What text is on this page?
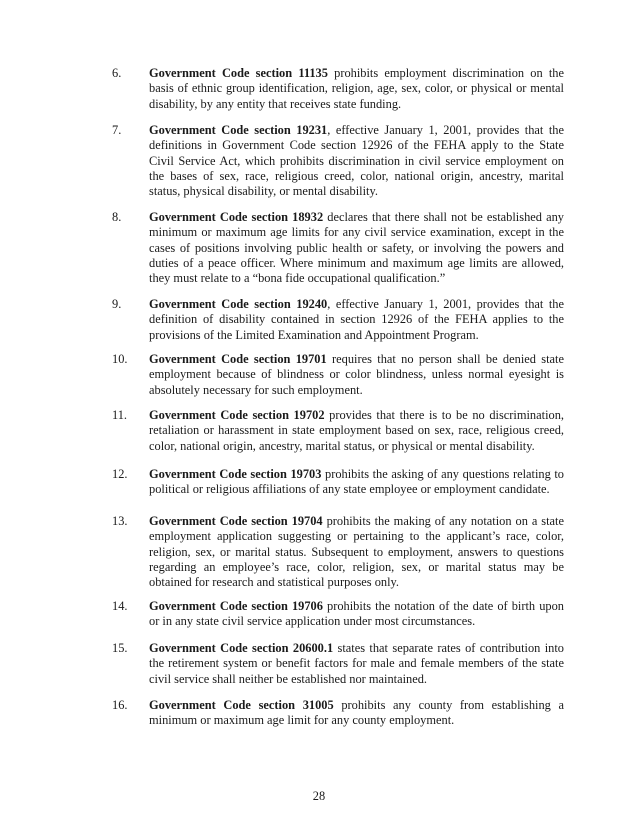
6.	Government Code section 11135 prohibits employment discrimination on the basis of ethnic group identification, religion, age, sex, color, or physical or mental disability, by any entity that receives state funding.
7.	Government Code section 19231, effective January 1, 2001, provides that the definitions in Government Code section 12926 of the FEHA apply to the State Civil Service Act, which prohibits discrimination in civil service employment on the bases of sex, race, religious creed, color, national origin, ancestry, marital status, physical disability, or mental disability.
8.	Government Code section 18932 declares that there shall not be established any minimum or maximum age limits for any civil service examination, except in the cases of positions involving public health or safety, or involving the powers and duties of a peace officer. Where minimum and maximum age limits are allowed, they must relate to a “bona fide occupational qualification.”
9.	Government Code section 19240, effective January 1, 2001, provides that the definition of disability contained in section 12926 of the FEHA applies to the provisions of the Limited Examination and Appointment Program.
10.	Government Code section 19701 requires that no person shall be denied state employment because of blindness or color blindness, unless normal eyesight is absolutely necessary for such employment.
11.	Government Code section 19702 provides that there is to be no discrimination, retaliation or harassment in state employment based on sex, race, religious creed, color, national origin, ancestry, marital status, or physical or mental disability.
12.	Government Code section 19703 prohibits the asking of any questions relating to political or religious affiliations of any state employee or employment candidate.
13.	Government Code section 19704 prohibits the making of any notation on a state employment application suggesting or pertaining to the applicant’s race, color, religion, sex, or marital status. Subsequent to employment, answers to questions regarding an employee’s race, color, religion, sex, or marital status may be obtained for research and statistical purposes only.
14.	Government Code section 19706 prohibits the notation of the date of birth upon or in any state civil service application under most circumstances.
15.	Government Code section 20600.1 states that separate rates of contribution into the retirement system or benefit factors for male and female members of the state civil service shall neither be established nor maintained.
16.	Government Code section 31005 prohibits any county from establishing a minimum or maximum age limit for any county employment.
28
